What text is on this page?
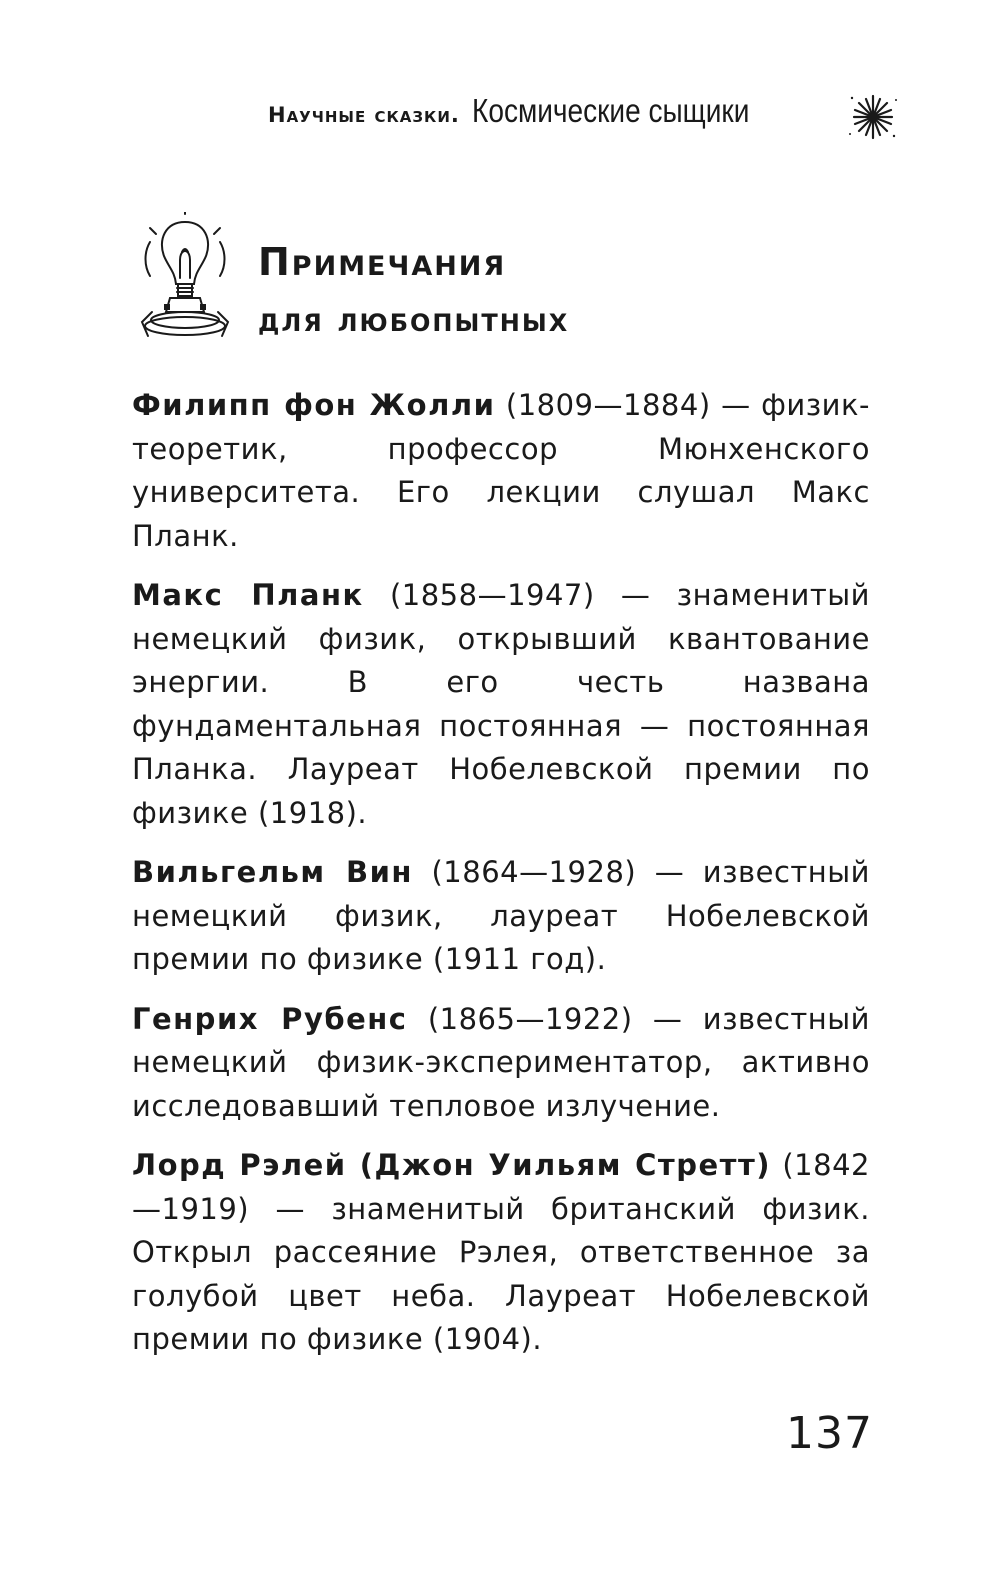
Научные сказки. Космические сыщики
Примечания
для любопытных

Филипп фон Жолли (1809—1884) — физик-теоретик, профессор Мюнхенского университета. Его лекции слушал Макс Планк.

Макс Планк (1858—1947) — знаменитый немецкий физик, открывший квантование энергии. В его честь названа фундаментальная постоянная — постоянная Планка. Лауреат Нобелевской премии по физике (1918).

Вильгельм Вин (1864—1928) — известный немецкий физик, лауреат Нобелевской премии по физике (1911 год).

Генрих Рубенс (1865—1922) — известный немецкий физик-экспериментатор, активно исследовавший тепловое излучение.

Лорд Рэлей (Джон Уильям Стретт) (1842—1919) — знаменитый британский физик. Открыл рассеяние Рэлея, ответственное за голубой цвет неба. Лауреат Нобелевской премии по физике (1904).

137
